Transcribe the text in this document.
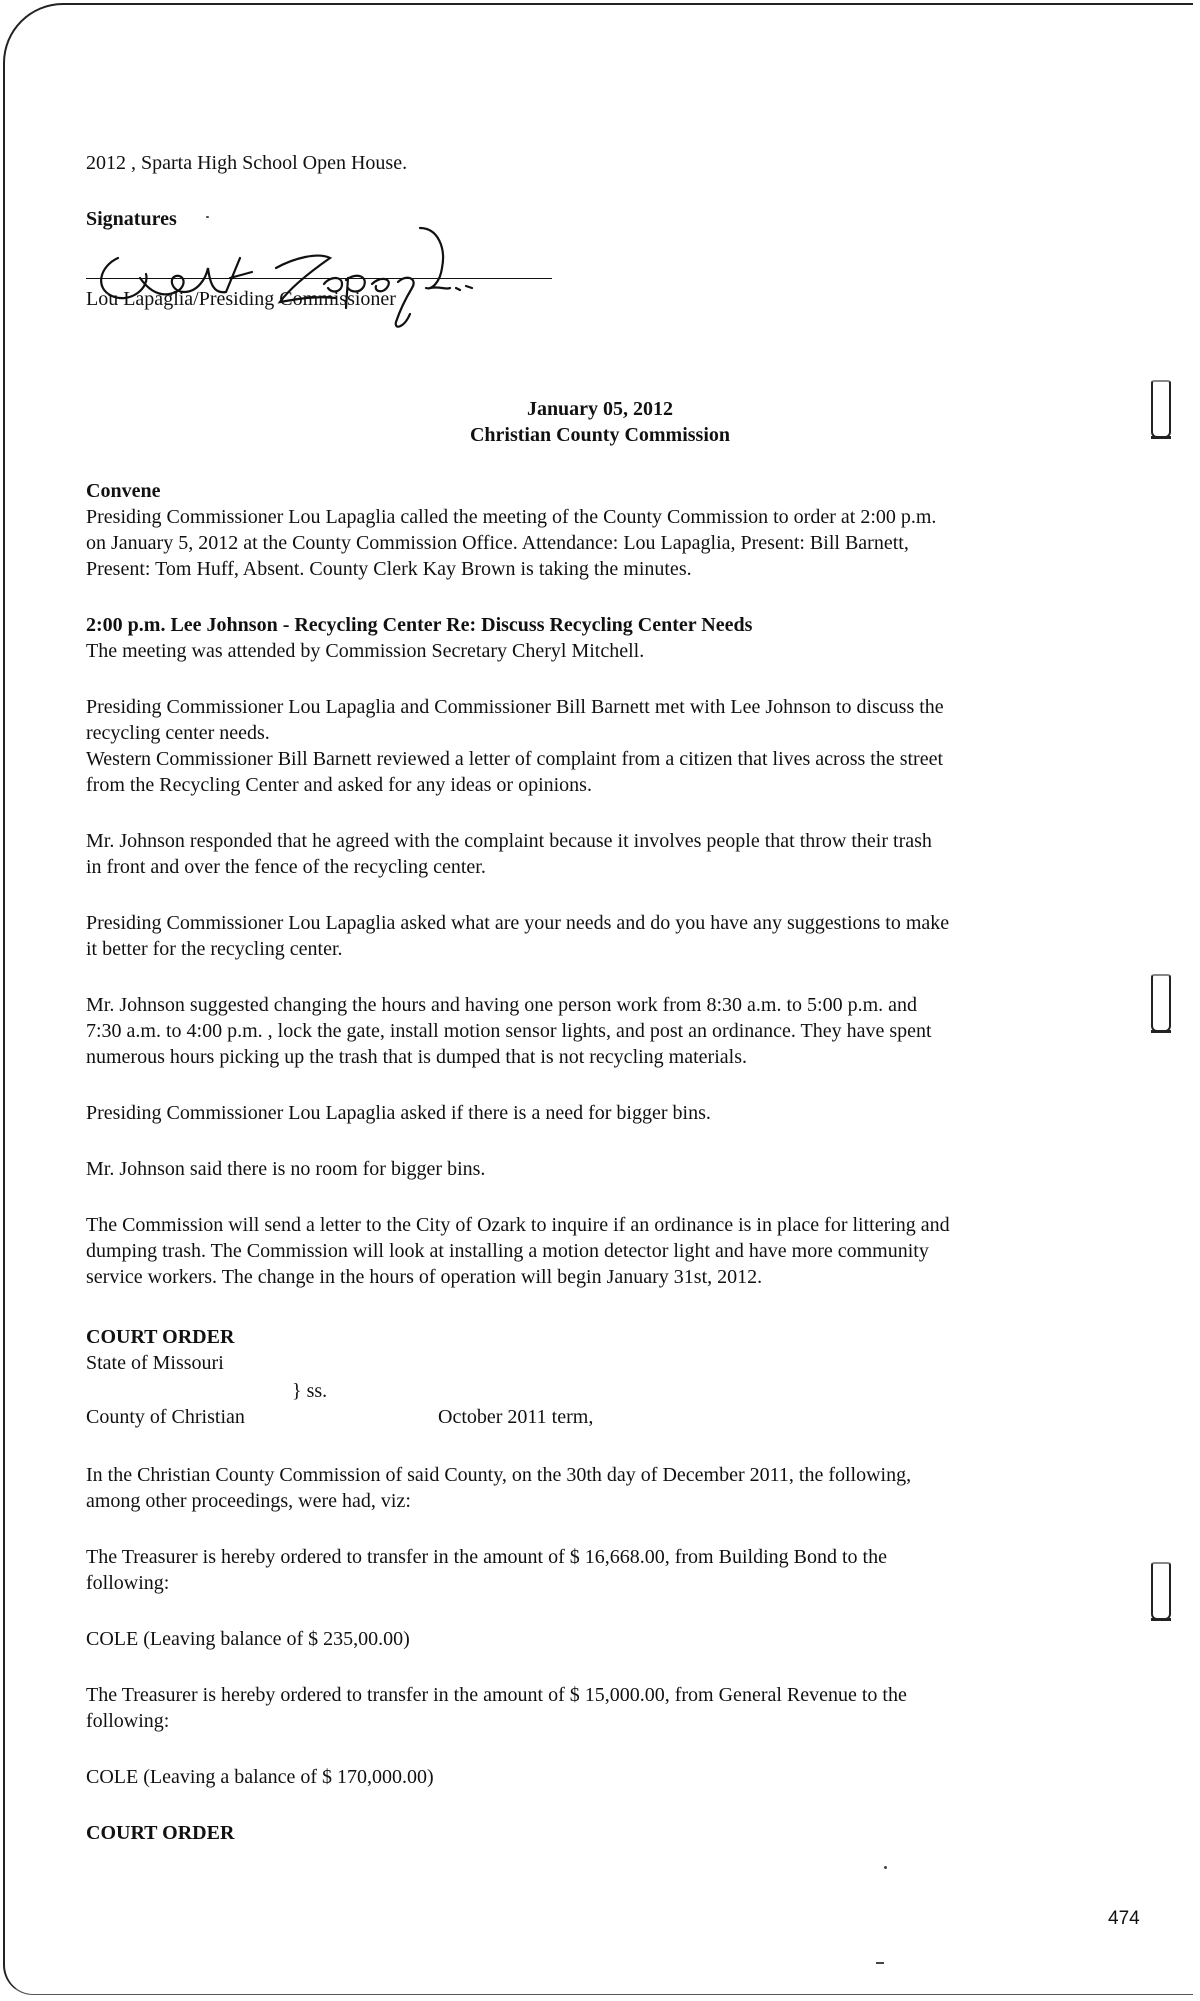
2012 , Sparta High School Open House.
Signatures
Lou Lapaglia/Presiding Commissioner
January 05, 2012
Christian County Commission
Convene
Presiding Commissioner Lou Lapaglia called the meeting of the County Commission to order at 2:00 p.m.
on January 5, 2012 at the County Commission Office. Attendance: Lou Lapaglia, Present: Bill Barnett,
Present: Tom Huff, Absent. County Clerk Kay Brown is taking the minutes.
2:00 p.m. Lee Johnson - Recycling Center Re: Discuss Recycling Center Needs
The meeting was attended by Commission Secretary Cheryl Mitchell.
Presiding Commissioner Lou Lapaglia and Commissioner Bill Barnett met with Lee Johnson to discuss the
recycling center needs.
Western Commissioner Bill Barnett reviewed a letter of complaint from a citizen that lives across the street
from the Recycling Center and asked for any ideas or opinions.
Mr. Johnson responded that he agreed with the complaint because it involves people that throw their trash
in front and over the fence of the recycling center.
Presiding Commissioner Lou Lapaglia asked what are your needs and do you have any suggestions to make
it better for the recycling center.
Mr. Johnson suggested changing the hours and having one person work from 8:30 a.m. to 5:00 p.m. and
7:30 a.m. to 4:00 p.m. , lock the gate, install motion sensor lights, and post an ordinance. They have spent
numerous hours picking up the trash that is dumped that is not recycling materials.
Presiding Commissioner Lou Lapaglia asked if there is a need for bigger bins.
Mr. Johnson said there is no room for bigger bins.
The Commission will send a letter to the City of Ozark to inquire if an ordinance is in place for littering and
dumping trash. The Commission will look at installing a motion detector light and have more community
service workers. The change in the hours of operation will begin January 31st, 2012.
COURT ORDER
State of Missouri
} ss.
County of Christian	October 2011 term,
In the Christian County Commission of said County, on the 30th day of December 2011, the following,
among other proceedings, were had, viz:
The Treasurer is hereby ordered to transfer in the amount of $ 16,668.00, from Building Bond to the
following:
COLE (Leaving balance of $ 235,00.00)
The Treasurer is hereby ordered to transfer in the amount of $ 15,000.00, from General Revenue to the
following:
COLE (Leaving a balance of $ 170,000.00)
COURT ORDER
474
